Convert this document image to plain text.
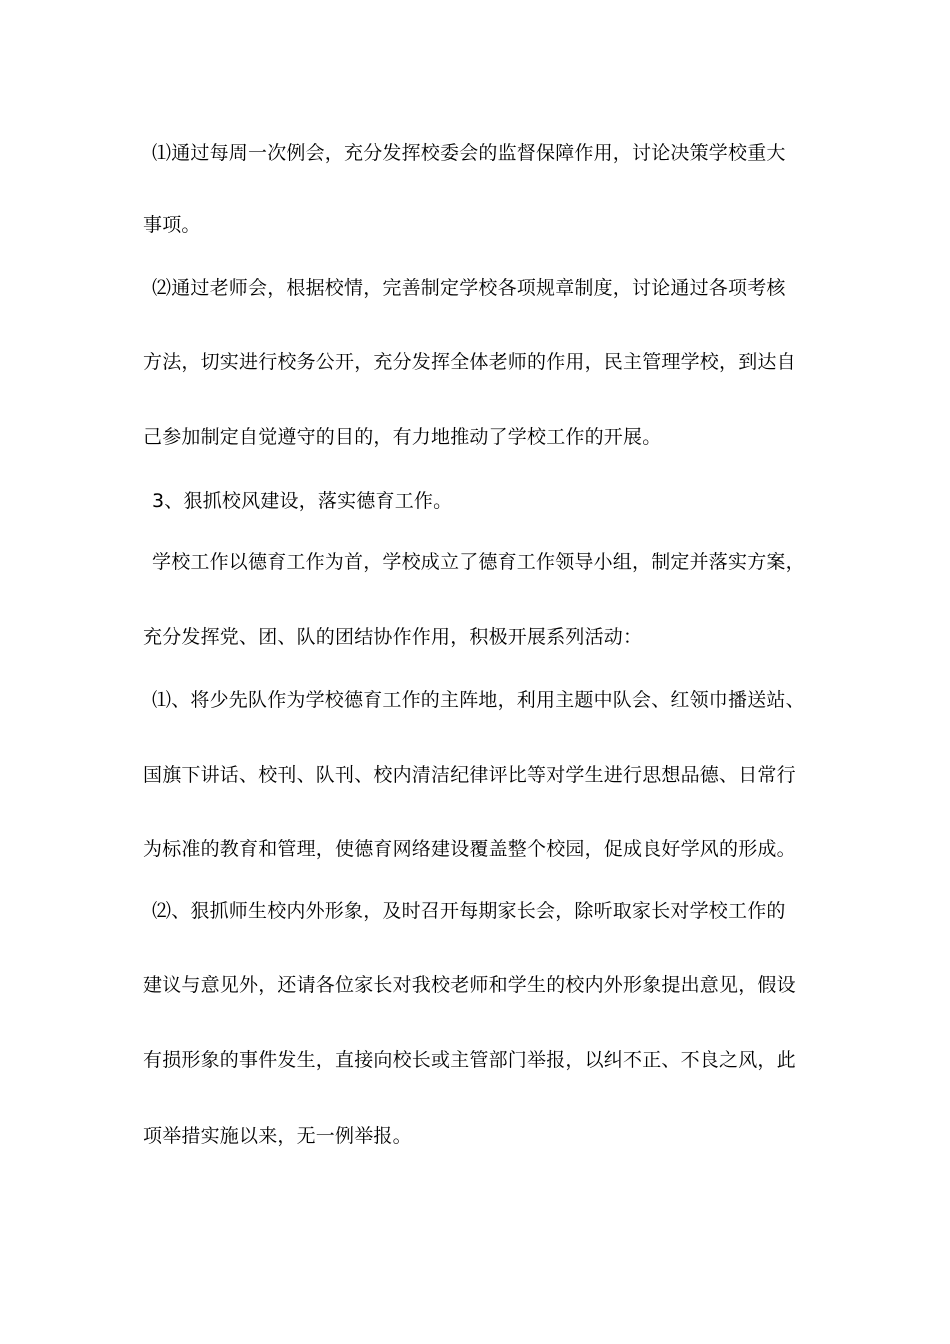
⑴通过每周一次例会，充分发挥校委会的监督保障作用，讨论决策学校重大
事项。
⑵通过老师会，根据校情，完善制定学校各项规章制度，讨论通过各项考核
方法，切实进行校务公开，充分发挥全体老师的作用，民主管理学校，到达自
己参加制定自觉遵守的目的，有力地推动了学校工作的开展。
3、狠抓校风建设，落实德育工作。
学校工作以德育工作为首，学校成立了德育工作领导小组，制定并落实方案，
充分发挥党、团、队的团结协作作用，积极开展系列活动：
⑴、将少先队作为学校德育工作的主阵地，利用主题中队会、红领巾播送站、
国旗下讲话、校刊、队刊、校内清洁纪律评比等对学生进行思想品德、日常行
为标准的教育和管理，使德育网络建设覆盖整个校园，促成良好学风的形成。
⑵、狠抓师生校内外形象，及时召开每期家长会，除听取家长对学校工作的
建议与意见外，还请各位家长对我校老师和学生的校内外形象提出意见，假设
有损形象的事件发生，直接向校长或主管部门举报，以纠不正、不良之风，此
项举措实施以来，无一例举报。
